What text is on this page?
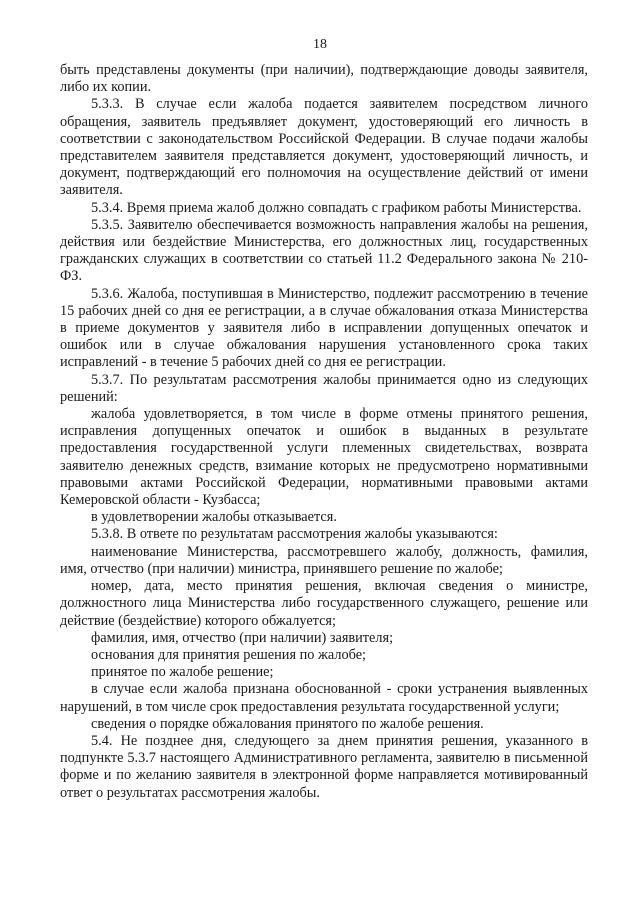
18

быть представлены документы (при наличии), подтверждающие доводы заявителя, либо их копии.

5.3.3. В случае если жалоба подается заявителем посредством личного обращения, заявитель предъявляет документ, удостоверяющий его личность в соответствии с законодательством Российской Федерации. В случае подачи жалобы представителем заявителя представляется документ, удостоверяющий личность, и документ, подтверждающий его полномочия на осуществление действий от имени заявителя.

5.3.4. Время приема жалоб должно совпадать с графиком работы Министерства.

5.3.5. Заявителю обеспечивается возможность направления жалобы на решения, действия или бездействие Министерства, его должностных лиц, государственных гражданских служащих в соответствии со статьей 11.2 Федерального закона № 210-ФЗ.

5.3.6. Жалоба, поступившая в Министерство, подлежит рассмотрению в течение 15 рабочих дней со дня ее регистрации, а в случае обжалования отказа Министерства в приеме документов у заявителя либо в исправлении допущенных опечаток и ошибок или в случае обжалования нарушения установленного срока таких исправлений - в течение 5 рабочих дней со дня ее регистрации.

5.3.7. По результатам рассмотрения жалобы принимается одно из следующих решений:

жалоба удовлетворяется, в том числе в форме отмены принятого решения, исправления допущенных опечаток и ошибок в выданных в результате предоставления государственной услуги племенных свидетельствах, возврата заявителю денежных средств, взимание которых не предусмотрено нормативными правовыми актами Российской Федерации, нормативными правовыми актами Кемеровской области - Кузбасса;

в удовлетворении жалобы отказывается.

5.3.8. В ответе по результатам рассмотрения жалобы указываются:

наименование Министерства, рассмотревшего жалобу, должность, фамилия, имя, отчество (при наличии) министра, принявшего решение по жалобе;

номер, дата, место принятия решения, включая сведения о министре, должностного лица Министерства либо государственного служащего, решение или действие (бездействие) которого обжалуется;

фамилия, имя, отчество (при наличии) заявителя;

основания для принятия решения по жалобе;

принятое по жалобе решение;

в случае если жалоба признана обоснованной - сроки устранения выявленных нарушений, в том числе срок предоставления результата государственной услуги;

сведения о порядке обжалования принятого по жалобе решения.

5.4. Не позднее дня, следующего за днем принятия решения, указанного в подпункте 5.3.7 настоящего Административного регламента, заявителю в письменной форме и по желанию заявителя в электронной форме направляется мотивированный ответ о результатах рассмотрения жалобы.
